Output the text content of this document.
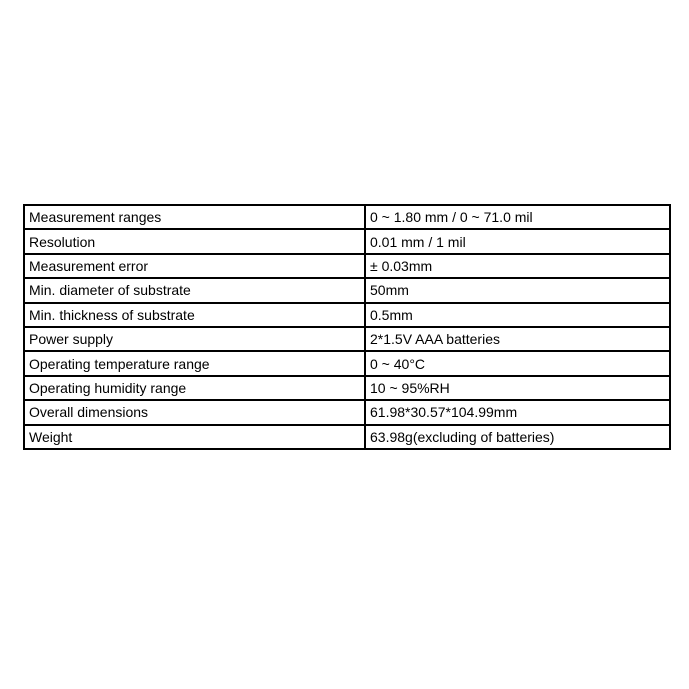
Measurement ranges	0 ~ 1.80 mm / 0 ~ 71.0 mil
Resolution	0.01 mm / 1 mil
Measurement error	± 0.03mm
Min. diameter of substrate	50mm
Min. thickness of substrate	0.5mm
Power supply	2*1.5V AAA batteries
Operating temperature range	0 ~ 40°C
Operating humidity range	10 ~ 95%RH
Overall dimensions	61.98*30.57*104.99mm
Weight	63.98g(excluding of batteries)
